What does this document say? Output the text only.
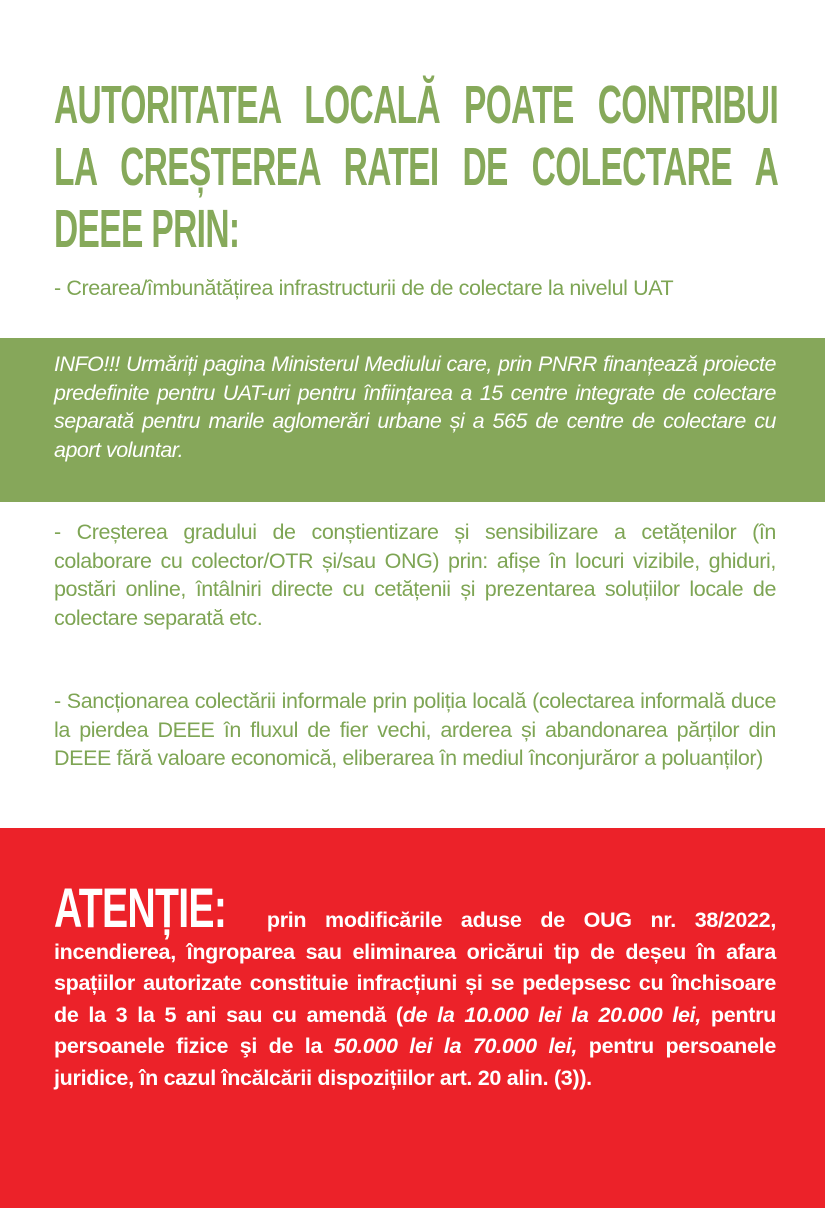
AUTORITATEA LOCALĂ POATE CONTRIBUI LA CREȘTEREA RATEI DE COLECTARE A DEEE PRIN:

- Crearea/îmbunătățirea infrastructurii de de colectare la nivelul UAT

INFO!!! Urmăriți pagina Ministerul Mediului care, prin PNRR finanțează proiecte predefinite pentru UAT-uri pentru înființarea a 15 centre integrate de colectare separată pentru marile aglomerări urbane și a 565 de centre de colectare cu aport voluntar.

- Creșterea gradului de conștientizare și sensibilizare a cetățenilor (în colaborare cu colector/OTR și/sau ONG) prin: afișe în locuri vizibile, ghiduri, postări online, întâlniri directe cu cetățenii și prezentarea soluțiilor locale de colectare separată etc.

- Sancționarea colectării informale prin poliția locală (colectarea informală duce la pierdea DEEE în fluxul de fier vechi, arderea și abandonarea părților din DEEE fără valoare economică, eliberarea în mediul înconjurăror a poluanților)

ATENȚIE: prin modificările aduse de OUG nr. 38/2022, incendierea, îngroparea sau eliminarea oricărui tip de deșeu în afara spațiilor autorizate constituie infracțiuni și se pedepsesc cu închisoare de la 3 la 5 ani sau cu amendă (de la 10.000 lei la 20.000 lei, pentru persoanele fizice şi de la 50.000 lei la 70.000 lei, pentru persoanele juridice, în cazul încălcării dispozițiilor art. 20 alin. (3)).
